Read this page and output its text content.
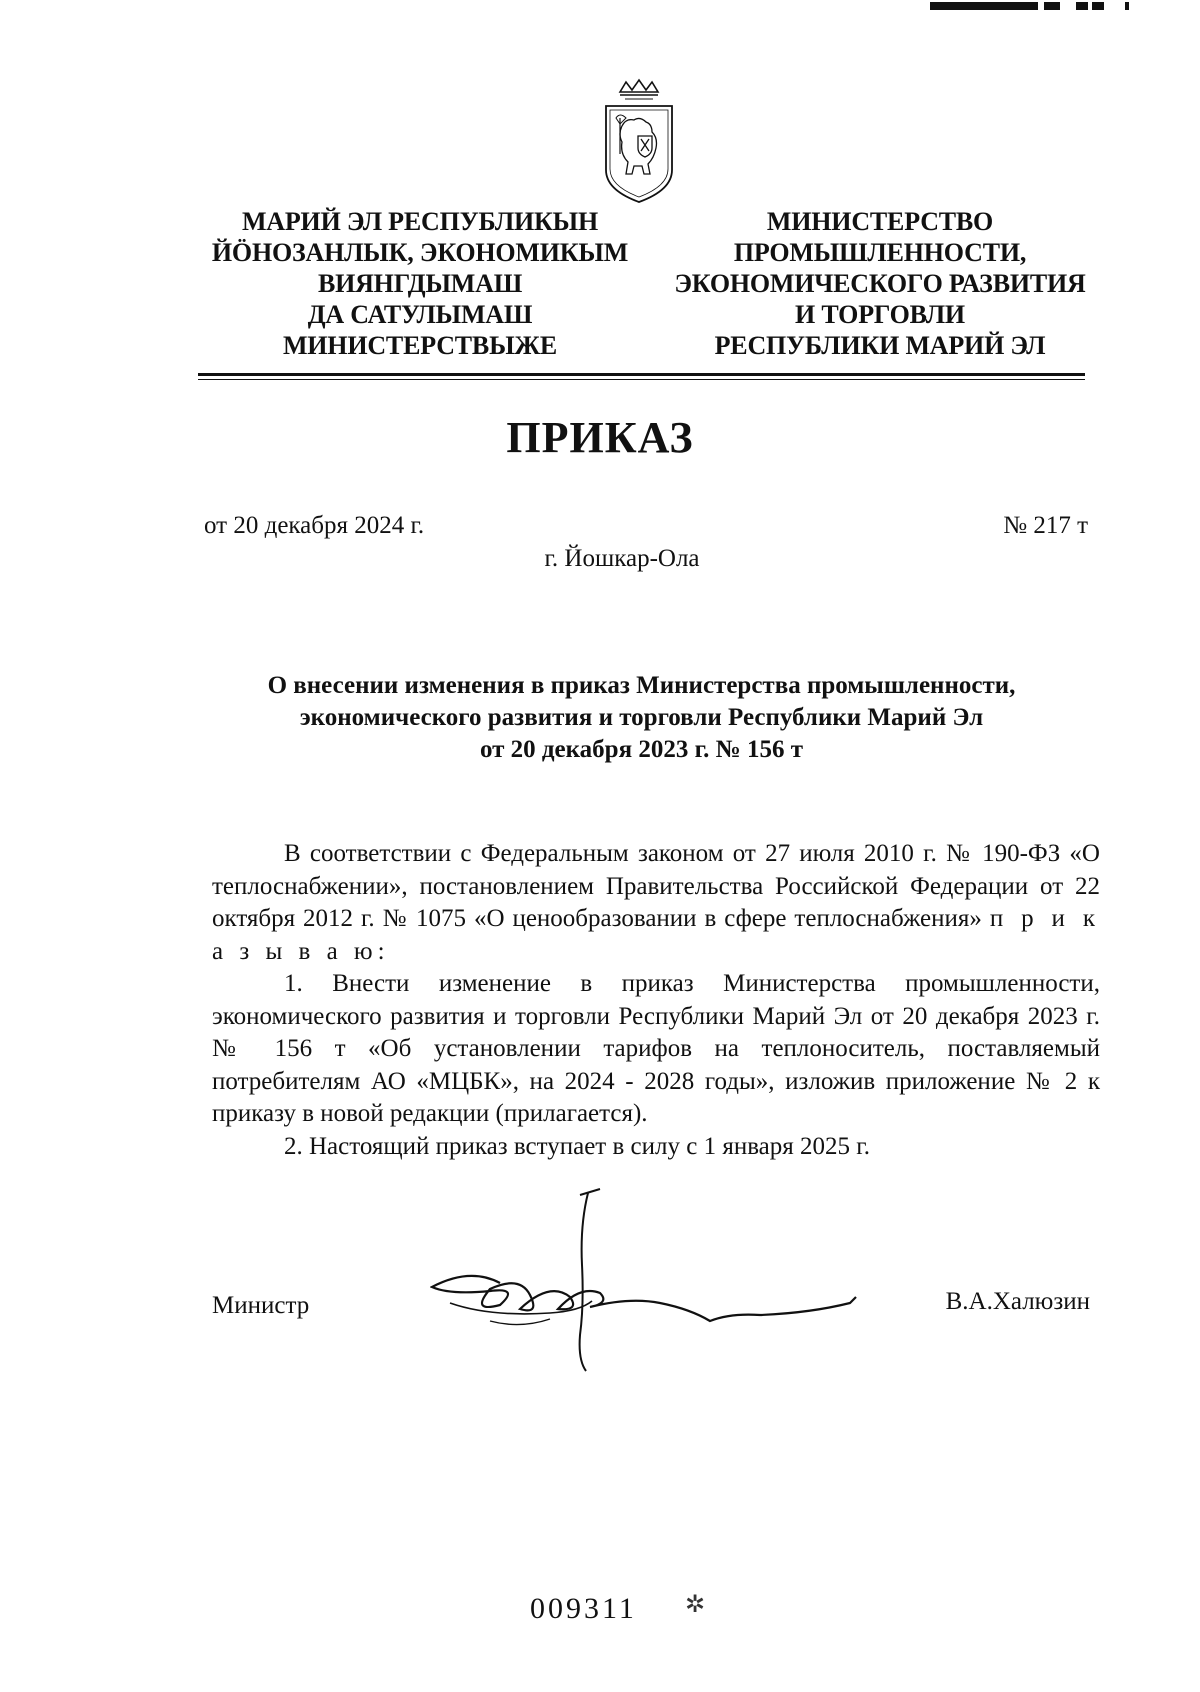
МАРИЙ ЭЛ РЕСПУБЛИКЫН
ЙӦНОЗАНЛЫК, ЭКОНОМИКЫМ
ВИЯНГДЫМАШ
ДА САТУЛЫМАШ
МИНИСТЕРСТВЫЖЕ
МИНИСТЕРСТВО
ПРОМЫШЛЕННОСТИ,
ЭКОНОМИЧЕСКОГО РАЗВИТИЯ
И ТОРГОВЛИ
РЕСПУБЛИКИ МАРИЙ ЭЛ
ПРИКАЗ
от 20 декабря 2024 г.	№ 217 т
г. Йошкар-Ола
О внесении изменения в приказ Министерства промышленности,
экономического развития и торговли Республики Марий Эл
от 20 декабря 2023 г. № 156 т

В соответствии с Федеральным законом от 27 июля 2010 г. № 190-ФЗ «О теплоснабжении», постановлением Правительства Российской Федерации от 22 октября 2012 г. № 1075 «О ценообразовании в сфере теплоснабжения» п р и к а з ы в а ю:

1. Внести изменение в приказ Министерства промышленности, экономического развития и торговли Республики Марий Эл от 20 декабря 2023 г. № 156 т «Об установлении тарифов на теплоноситель, поставляемый потребителям АО «МЦБК», на 2024 - 2028 годы», изложив приложение № 2 к приказу в новой редакции (прилагается).

2. Настоящий приказ вступает в силу с 1 января 2025 г.

Министр	В.А.Халюзин
009311 ✲
